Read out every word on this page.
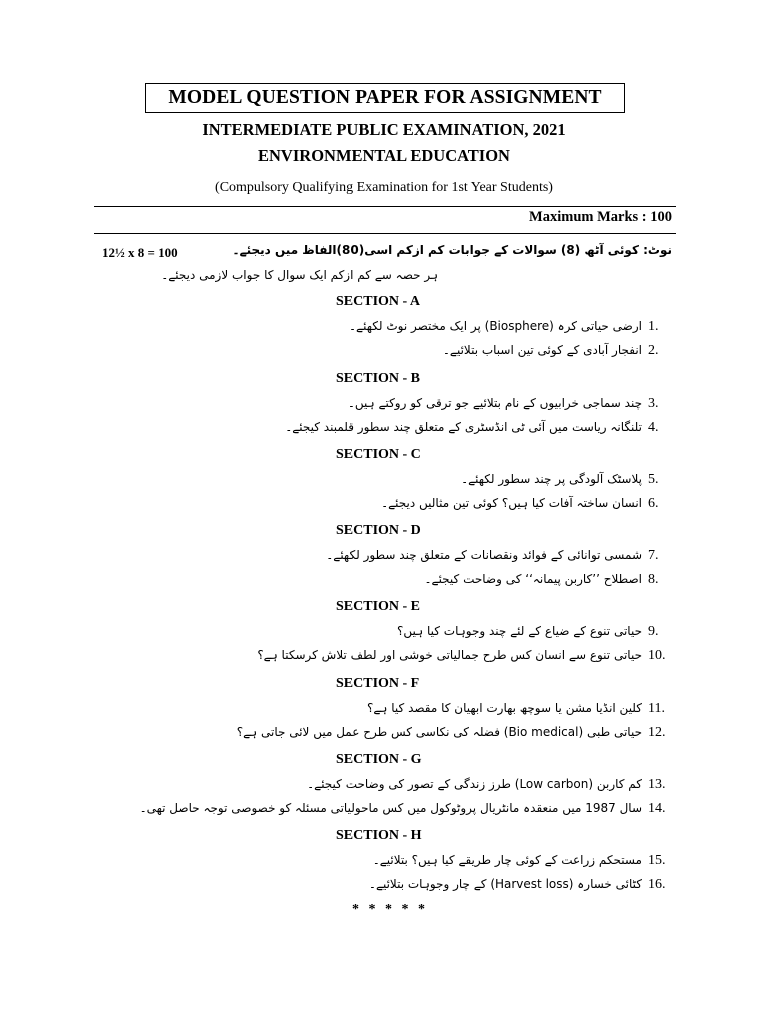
MODEL QUESTION PAPER FOR ASSIGNMENT
INTERMEDIATE PUBLIC EXAMINATION, 2021
ENVIRONMENTAL EDUCATION
(Compulsory Qualifying Examination for 1st Year Students)
Maximum Marks : 100
12½ x 8 = 100	نوٹ: کوئی آٹھ (8) سوالات کے جوابات کم ازکم اسی(80)الفاظ میں دیجئے۔
ہر حصہ سے کم ازکم ایک سوال کا جواب لازمی دیجئے۔
SECTION - A
1.
ارضی حیاتی کرہ (Biosphere) پر ایک مختصر نوٹ لکھئے۔
2.
انفجار آبادی کے کوئی تین اسباب بتلائیے۔
SECTION - B
3.
چند سماجی خرابیوں کے نام بتلائیے جو ترقی کو روکتے ہیں۔
4.
تلنگانہ ریاست میں آئی ٹی انڈسٹری کے متعلق چند سطور قلمبند کیجئے۔
SECTION - C
5.
پلاسٹک آلودگی پر چند سطور لکھئے۔
6.
انسان ساختہ آفات کیا ہیں؟ کوئی تین مثالیں دیجئے۔
SECTION - D
7.
شمسی توانائی کے فوائد ونقصانات کے متعلق چند سطور لکھئے۔
8.
اصطلاح ’’کاربن پیمانہ‘‘ کی وضاحت کیجئے۔
SECTION - E
9.
حیاتی تنوع کے ضیاع کے لئے چند وجوہات کیا ہیں؟
10.
حیاتی تنوع سے انسان کس طرح جمالیاتی خوشی اور لطف تلاش کرسکتا ہے؟
SECTION - F
11.
کلین انڈیا مشن یا سوچھ بھارت ابھیان کا مقصد کیا ہے؟
12.
حیاتی طبی (Bio medical) فضلہ کی نکاسی کس طرح عمل میں لائی جاتی ہے؟
SECTION - G
13.
کم کاربن (Low carbon) طرز زندگی کے تصور کی وضاحت کیجئے۔
14.
سال 1987 میں منعقدہ مانٹریال پروٹوکول میں کس ماحولیاتی مسئلہ کو خصوصی توجہ حاصل تھی۔
SECTION - H
15.
مستحکم زراعت کے کوئی چار طریقے کیا ہیں؟ بتلائیے۔
16.
کٹائی خسارہ (Harvest loss) کے چار وجوہات بتلائیے۔
* * * * *
